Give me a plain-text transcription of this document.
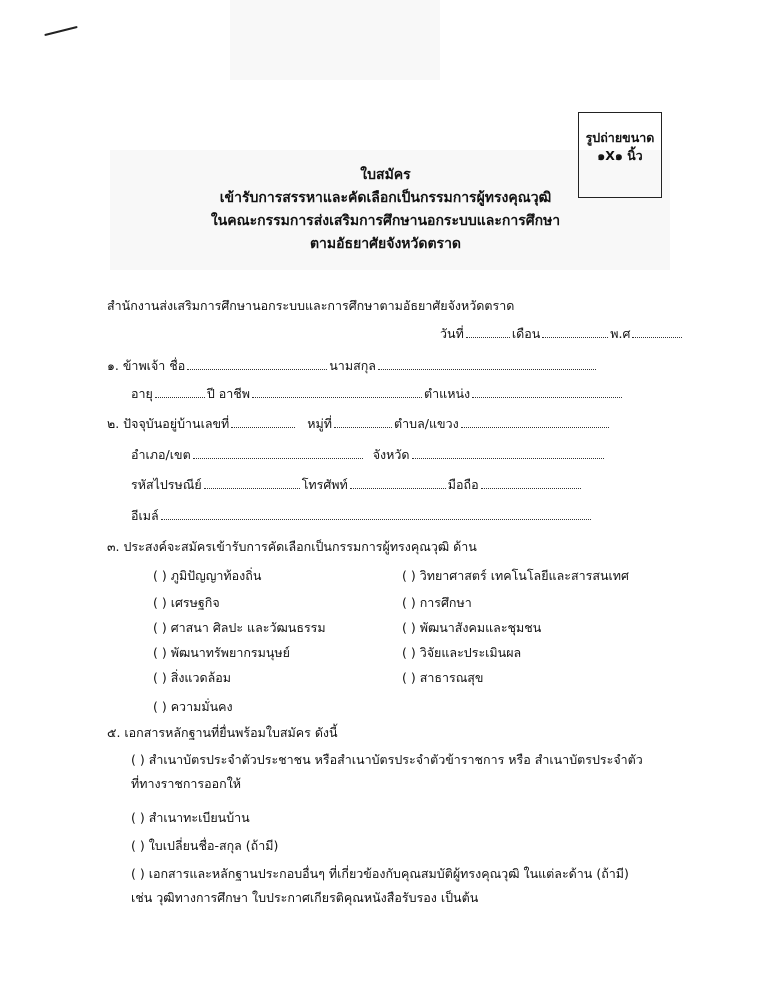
รูปถ่ายขนาด
๑X๑ นิ้ว
ใบสมัคร
เข้ารับการสรรหาและคัดเลือกเป็นกรรมการผู้ทรงคุณวุฒิ
ในคณะกรรมการส่งเสริมการศึกษานอกระบบและการศึกษา
ตามอัธยาศัยจังหวัดตราด
สำนักงานส่งเสริมการศึกษานอกระบบและการศึกษาตามอัธยาศัยจังหวัดตราด
วันที่	เดือน	พ.ศ
๑. ข้าพเจ้า ชื่อ	นามสกุล
อายุ	ปี อาชีพ	ตำแหน่ง
๒. ปัจจุบันอยู่บ้านเลขที่	หมู่ที่	ตำบล/แขวง
อำเภอ/เขต	จังหวัด
รหัสไปรษณีย์	โทรศัพท์	มือถือ
อีเมล์
๓. ประสงค์จะสมัครเข้ารับการคัดเลือกเป็นกรรมการผู้ทรงคุณวุฒิ ด้าน
( ) ภูมิปัญญาท้องถิ่น
( ) เศรษฐกิจ
( ) ศาสนา ศิลปะ และวัฒนธรรม
( ) พัฒนาทรัพยากรมนุษย์
( ) สิ่งแวดล้อม
( ) ความมั่นคง
( ) วิทยาศาสตร์ เทคโนโลยีและสารสนเทศ
( ) การศึกษา
( ) พัฒนาสังคมและชุมชน
( ) วิจัยและประเมินผล
( ) สาธารณสุข
๕. เอกสารหลักฐานที่ยื่นพร้อมใบสมัคร ดังนี้
( ) สำเนาบัตรประจำตัวประชาชน หรือสำเนาบัตรประจำตัวข้าราชการ หรือ สำเนาบัตรประจำตัวที่ทางราชการออกให้
( ) สำเนาทะเบียนบ้าน
( ) ใบเปลี่ยนชื่อ-สกุล (ถ้ามี)
( ) เอกสารและหลักฐานประกอบอื่นๆ ที่เกี่ยวข้องกับคุณสมบัติผู้ทรงคุณวุฒิ ในแต่ละด้าน (ถ้ามี) เช่น วุฒิทางการศึกษา ใบประกาศเกียรติคุณหนังสือรับรอง เป็นต้น
